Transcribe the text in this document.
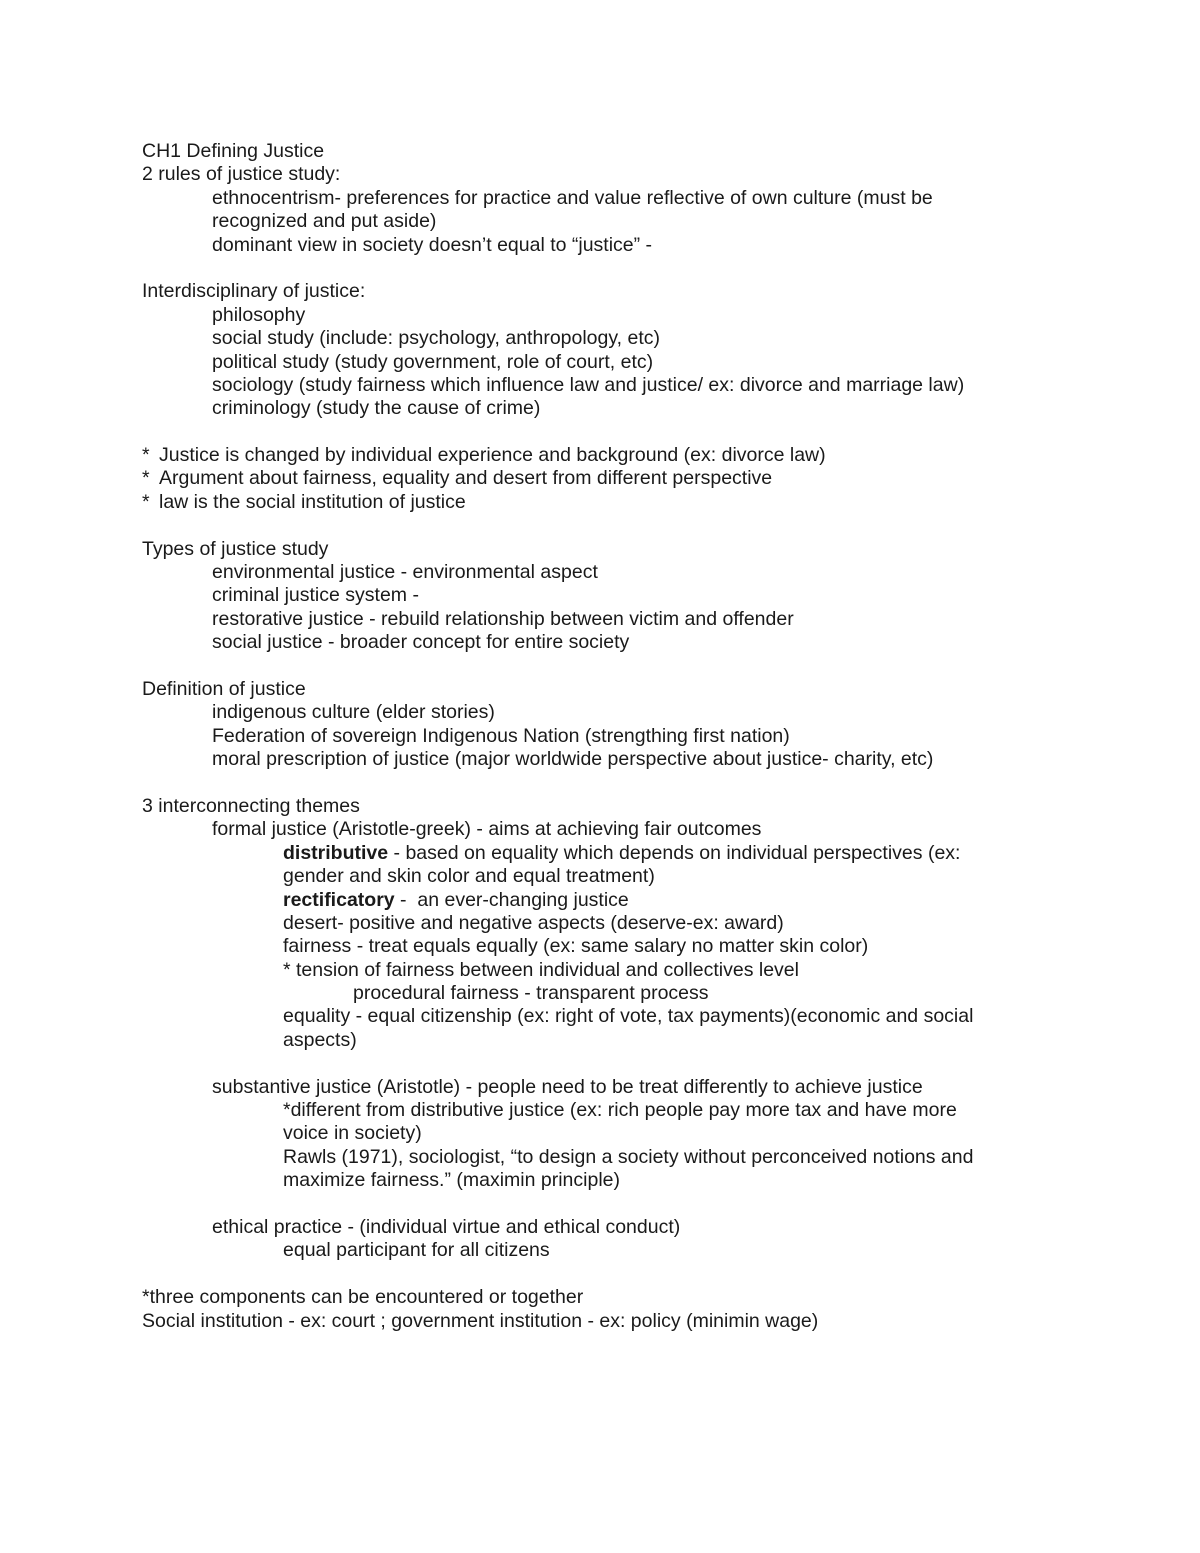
CH1 Defining Justice
2 rules of justice study:
ethnocentrism- preferences for practice and value reflective of own culture (must be
recognized and put aside)
dominant view in society doesn’t equal to “justice” -
Interdisciplinary of justice:
philosophy
social study (include: psychology, anthropology, etc)
political study (study government, role of court, etc)
sociology (study fairness which influence law and justice/ ex: divorce and marriage law)
criminology (study the cause of crime)
* Justice is changed by individual experience and background (ex: divorce law)
* Argument about fairness, equality and desert from different perspective
* law is the social institution of justice
Types of justice study
environmental justice - environmental aspect
criminal justice system -
restorative justice - rebuild relationship between victim and offender
social justice - broader concept for entire society
Definition of justice
indigenous culture (elder stories)
Federation of sovereign Indigenous Nation (strengthing first nation)
moral prescription of justice (major worldwide perspective about justice- charity, etc)
3 interconnecting themes
formal justice (Aristotle-greek) - aims at achieving fair outcomes
distributive - based on equality which depends on individual perspectives (ex:
gender and skin color and equal treatment)
rectificatory -  an ever-changing justice
desert- positive and negative aspects (deserve-ex: award)
fairness - treat equals equally (ex: same salary no matter skin color)
* tension of fairness between individual and collectives level
procedural fairness - transparent process
equality - equal citizenship (ex: right of vote, tax payments)(economic and social
aspects)
substantive justice (Aristotle) - people need to be treat differently to achieve justice
*different from distributive justice (ex: rich people pay more tax and have more
voice in society)
Rawls (1971), sociologist, “to design a society without perconceived notions and
maximize fairness.” (maximin principle)
ethical practice - (individual virtue and ethical conduct)
equal participant for all citizens
*three components can be encountered or together
Social institution - ex: court ; government institution - ex: policy (minimin wage)
